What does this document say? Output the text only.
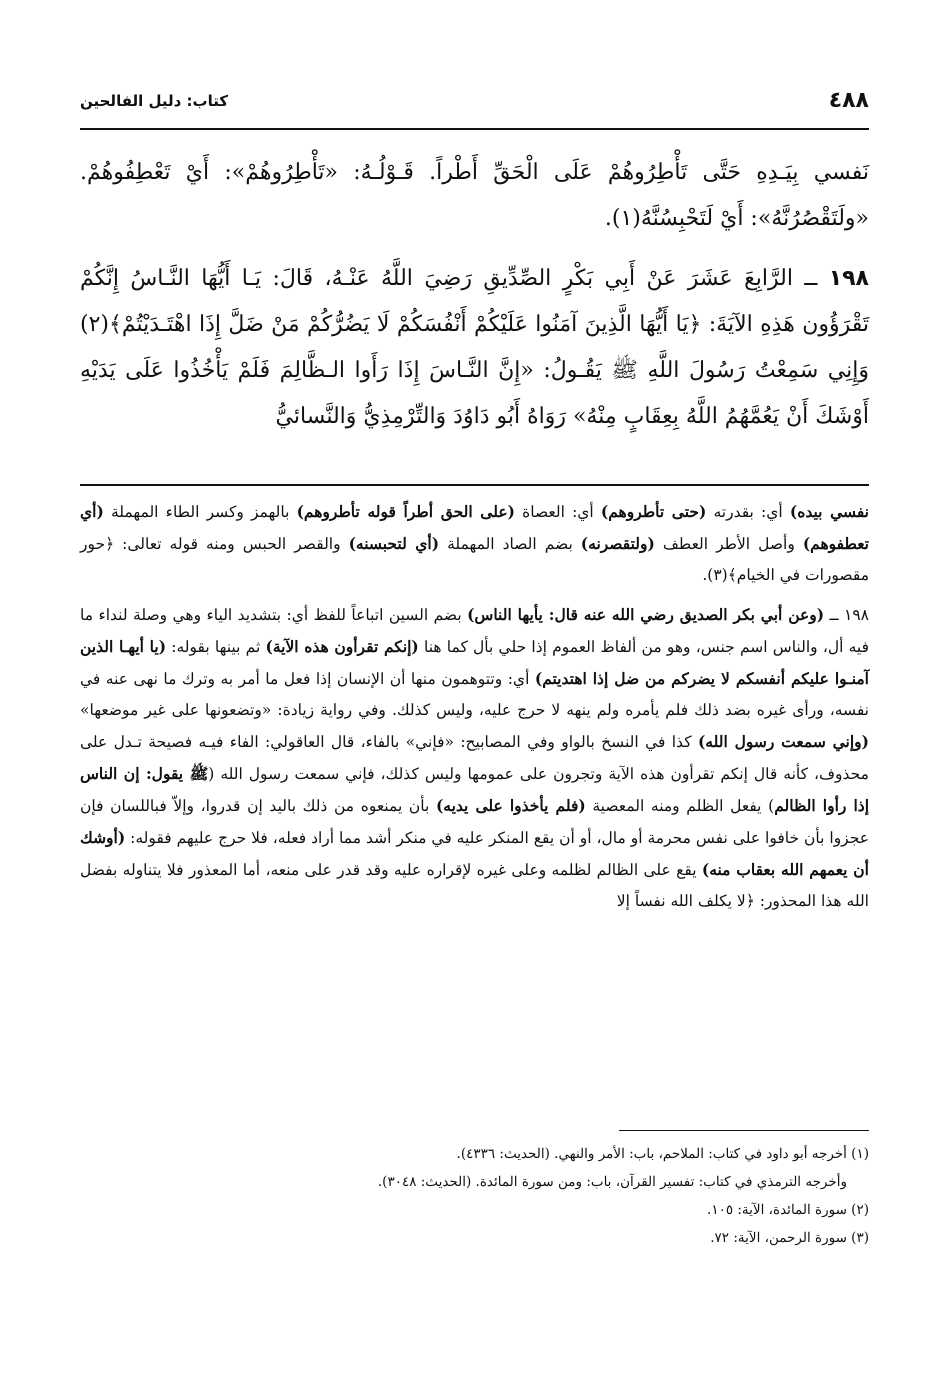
٤٨٨
كتاب: دليل الفالحين

نَفسي بِيَـدِهِ حَتَّى تَأْطِرُوهُمْ عَلَى الْحَقِّ أَطْراً. قَـوْلُـهُ: «تَأْطِرُوهُمْ»: أَيْ تَعْطِفُوهُمْ. «ولَتَقْصُرُنَّهُ»: أَيْ لَتَحْبِسُنَّهُ(١).

١٩٨ ــ الرَّابِعَ عَشَرَ عَنْ أَبِي بَكْرٍ الصِّدِّيقِ رَضِيَ اللَّهُ عَنْـهُ، قَالَ: يَـا أَيُّهَا النَّـاسُ إِنَّكُمْ تَقْرَؤُون هَذِهِ الآيَةَ: ﴿يَا أَيُّهَا الَّذِينَ آمَنُوا عَلَيْكُمْ أَنْفُسَكُمْ لَا يَضُرُّكُمْ مَنْ ضَلَّ إِذَا اهْتَـدَيْتُمْ﴾(٢) وَإِنِي سَمِعْتُ رَسُولَ اللَّهِ ﷺ يَقُـولُ: «إِنَّ النَّـاسَ إِذَا رَأَوا الـظَّالِمَ فَلَمْ يَأْخُذُوا عَلَى يَدَيْهِ أَوْشَكَ أَنْ يَعُمَّهُمُ اللَّهُ بِعِقَابٍ مِنْهُ» رَوَاهُ أَبُو دَاوُدَ وَالتِّرْمِذِيُّ وَالنَّسائيُّ

نفسي بيده) أي: بقدرته (حتى تأطروهم) أي: العصاة (على الحق أطراً قوله تأطروهم) بالهمز وكسر الطاء المهملة (أي تعطفوهم) وأصل الأطر العطف (ولتقصرنه) بضم الصاد المهملة (أي لتحبسنه) والقصر الحبس ومنه قوله تعالى: ﴿حور مقصورات في الخيام﴾(٣).

١٩٨ ــ (وعن أبي بكر الصديق رضي الله عنه قال: يأيها الناس) بضم السين اتباعاً للفظ أي: بتشديد الياء وهي وصلة لنداء ما فيه أل، والناس اسم جنس، وهو من ألفاظ العموم إذا حلي بأل كما هنا (إنكم تقرأون هذه الآية) ثم بينها بقوله: (يا أيهـا الذين آمنـوا عليكم أنفسكم لا يضركم من ضل إذا اهتديتم) أي: وتتوهمون منها أن الإنسان إذا فعل ما أمر به وترك ما نهى عنه في نفسه، ورأى غيره بضد ذلك فلم يأمره ولم ينهه لا حرج عليه، وليس كذلك. وفي رواية زيادة: «وتضعونها على غير موضعها» (وإني سمعت رسول الله) كذا في النسخ بالواو وفي المصابيح: «فإني» بالفاء، قال العاقولي: الفاء فيـه فصيحة تـدل على محذوف، كأنه قال إنكم تقرأون هذه الآية وتجرون على عمومها وليس كذلك، فإني سمعت رسول الله (ﷺ يقول: إن الناس إذا رأوا الظالم) يفعل الظلم ومنه المعصية (فلم يأخذوا على يديه) بأن يمنعوه من ذلك باليد إن قدروا، وإلاّ فباللسان فإن عجزوا بأن خافوا على نفس محرمة أو مال، أو أن يقع المنكر عليه في منكر أشد مما أراد فعله، فلا حرج عليهم فقوله: (أوشك أن يعمهم الله بعقاب منه) يقع على الظالم لظلمه وعلى غيره لإقراره عليه وقد قدر على منعه، أما المعذور فلا يتناوله بفضل الله هذا المحذور: ﴿لا يكلف الله نفساً إلا

(١) أخرجه أبو داود في كتاب: الملاحم، باب: الأمر والنهي. (الحديث: ٤٣٣٦).

وأخرجه الترمذي في كتاب: تفسير القرآن، باب: ومن سورة المائدة. (الحديث: ٣٠٤٨).

(٢) سورة المائدة، الآية: ١٠٥.

(٣) سورة الرحمن، الآية: ٧٢.
